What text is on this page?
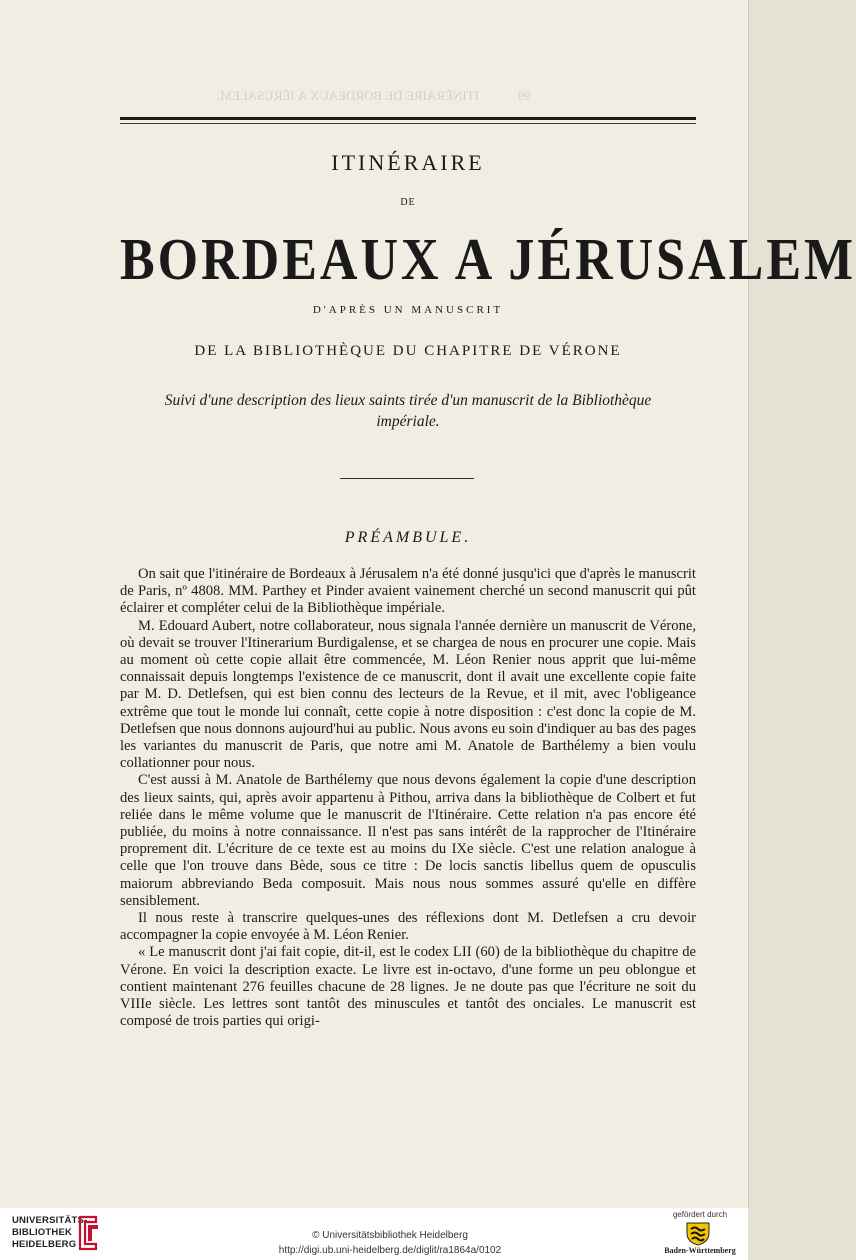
99            ITINÉRAIRE DE BORDEAUX A JÉRUSALEM.
ITINÉRAIRE
DE
BORDEAUX A JÉRUSALEM
D'APRÈS UN MANUSCRIT
DE LA BIBLIOTHÈQUE DU CHAPITRE DE VÉRONE
Suivi d'une description des lieux saints tirée d'un manuscrit de la Bibliothèque impériale.
PRÉAMBULE.

On sait que l'itinéraire de Bordeaux à Jérusalem n'a été donné jusqu'ici que d'après le manuscrit de Paris, nº 4808. MM. Parthey et Pinder avaient vainement cherché un second manuscrit qui pût éclairer et compléter celui de la Bibliothèque impériale.

M. Edouard Aubert, notre collaborateur, nous signala l'année dernière un manuscrit de Vérone, où devait se trouver l'Itinerarium Burdigalense, et se chargea de nous en procurer une copie. Mais au moment où cette copie allait être commencée, M. Léon Renier nous apprit que lui-même connaissait depuis longtemps l'existence de ce manuscrit, dont il avait une excellente copie faite par M. D. Detlefsen, qui est bien connu des lecteurs de la Revue, et il mit, avec l'obligeance extrême que tout le monde lui connaît, cette copie à notre disposition : c'est donc la copie de M. Detlefsen que nous donnons aujourd'hui au public. Nous avons eu soin d'indiquer au bas des pages les variantes du manuscrit de Paris, que notre ami M. Anatole de Barthélemy a bien voulu collationner pour nous.

C'est aussi à M. Anatole de Barthélemy que nous devons également la copie d'une description des lieux saints, qui, après avoir appartenu à Pithou, arriva dans la bibliothèque de Colbert et fut reliée dans le même volume que le manuscrit de l'Itinéraire. Cette relation n'a pas encore été publiée, du moins à notre connaissance. Il n'est pas sans intérêt de la rapprocher de l'Itinéraire proprement dit. L'écriture de ce texte est au moins du IXe siècle. C'est une relation analogue à celle que l'on trouve dans Bède, sous ce titre : De locis sanctis libellus quem de opusculis maiorum abbreviando Beda composuit. Mais nous nous sommes assuré qu'elle en diffère sensiblement.

Il nous reste à transcrire quelques-unes des réflexions dont M. Detlefsen a cru devoir accompagner la copie envoyée à M. Léon Renier.

« Le manuscrit dont j'ai fait copie, dit-il, est le codex LII (60) de la bibliothèque du chapitre de Vérone. En voici la description exacte. Le livre est in-octavo, d'une forme un peu oblongue et contient maintenant 276 feuilles chacune de 28 lignes. Je ne doute pas que l'écriture ne soit du VIIIe siècle. Les lettres sont tantôt des minuscules et tantôt des onciales. Le manuscrit est composé de trois parties qui origi-

UNIVERSITÄTS-
BIBLIOTHEK
HEIDELBERG
© Universitätsbibliothek Heidelberg
http://digi.ub.uni-heidelberg.de/diglit/ra1864a/0102
gefördert durch
Baden-Württemberg
